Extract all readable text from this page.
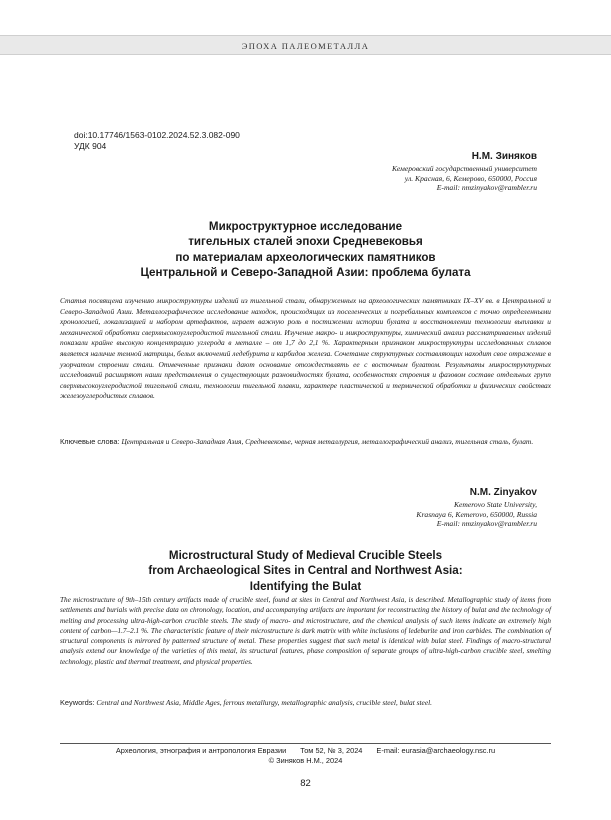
ЭПОХА ПАЛЕОМЕТАЛЛА
doi:10.17746/1563-0102.2024.52.3.082-090
УДК 904
Н.М. Зиняков
Кемеровский государственный университет
ул. Красная, 6, Кемерово, 650000, Россия
E-mail: nmzinyakov@rambler.ru
Микроструктурное исследование
тигельных сталей эпохи Средневековья
по материалам археологических памятников
Центральной и Северо-Западной Азии: проблема булата
Статья посвящена изучению микроструктуры изделий из тигельной стали, обнаруженных на археологических памятниках IX–XV вв. в Центральной и Северо-Западной Азии. Металлографическое исследование находок, происходящих из поселенческих и погребальных комплексов с точно определенными хронологией, локализацией и набором артефактов, играет важную роль в постижении истории булата и восстановлении технологии выплавки и механической обработки сверхвысокоуглеродистой тигельной стали. Изучение макро- и микроструктуры, химический анализ рассматриваемых изделий показали крайне высокую концентрацию углерода в металле – от 1,7 до 2,1 %. Характерным признаком микроструктуры исследованных сплавов является наличие темной матрицы, белых включений ледебурита и карбидов железа. Сочетание структурных составляющих находит свое отражение в узорчатом строении стали. Отмеченные признаки дают основание отождествлять ее с восточным булатом. Результаты микроструктурных исследований расширяют наши представления о существующих разновидностях булата, особенностях строения и фазовом составе отдельных групп сверхвысокоуглеродистой тигельной стали, технологии тигельной плавки, характере пластической и термической обработки и физических свойствах железоуглеродистых сплавов.
Ключевые слова: Центральная и Северо-Западная Азия, Средневековье, черная металлургия, металлографический анализ, тигельная сталь, булат.
N.M. Zinyakov
Kemerovo State University,
Krasnaya 6, Kemerovo, 650000, Russia
E-mail: nmzinyakov@rambler.ru
Microstructural Study of Medieval Crucible Steels
from Archaeological Sites in Central and Northwest Asia:
Identifying the Bulat
The microstructure of 9th–15th century artifacts made of crucible steel, found at sites in Central and Northwest Asia, is described. Metallographic study of items from settlements and burials with precise data on chronology, location, and accompanying artifacts are important for reconstructing the history of bulat and the technology of melting and processing ultra-high-carbon crucible steels. The study of macro- and microstructure, and the chemical analysis of such items indicate an extremely high content of carbon—1.7–2.1 %. The characteristic feature of their microstructure is dark matrix with white inclusions of ledeburite and iron carbides. The combination of structural components is mirrored by patterned structure of metal. These properties suggest that such metal is identical with bulat steel. Findings of macro-structural analysis extend our knowledge of the varieties of this metal, its structural features, phase composition of separate groups of ultra-high-carbon crucible steel, smelting technology, plastic and thermal treatment, and physical properties.
Keywords: Central and Northwest Asia, Middle Ages, ferrous metallurgy, metallographic analysis, crucible steel, bulat steel.
Археология, этнография и антропология Евразии Том 52, № 3, 2024 E-mail: eurasia@archaeology.nsc.ru
© Зиняков Н.М., 2024
82
